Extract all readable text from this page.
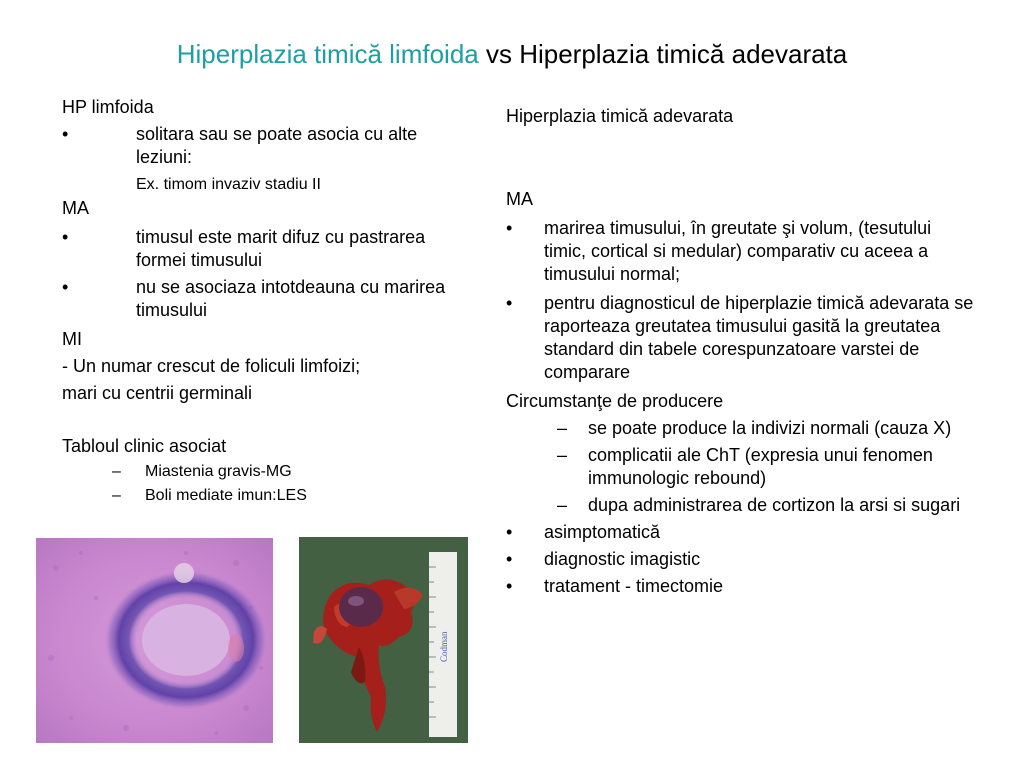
Hiperplazia timică limfoida vs Hiperplazia timică adevarata

HP limfoida

•	solitara sau se poate asocia cu alte leziuni:

Ex. timom invaziv stadiu II

MA

•	timusul este marit difuz cu pastrarea formei timusului

•	nu se asociaza intotdeauna cu marirea timusului

MI

- Un numar crescut de foliculi limfoizi;

mari cu centrii germinali

Tabloul clinic asociat

– Miastenia gravis-MG

– Boli mediate imun:LES

Hiperplazia timică adevarata

MA

• marirea timusului, în greutate şi volum, (tesutului timic, cortical si medular) comparativ cu aceea a timusului normal;

• pentru diagnosticul de hiperplazie timică adevarata se raporteaza greutatea timusului gasită la greutatea standard din tabele corespunzatoare varstei de comparare

Circumstanţe de producere

– se poate produce la indivizi normali (cauza X)

– complicatii ale ChT (expresia unui fenomen immunologic rebound)

– dupa administrarea de cortizon la arsi si sugari

• asimptomatică

• diagnostic imagistic

• tratament - timectomie

Codman
